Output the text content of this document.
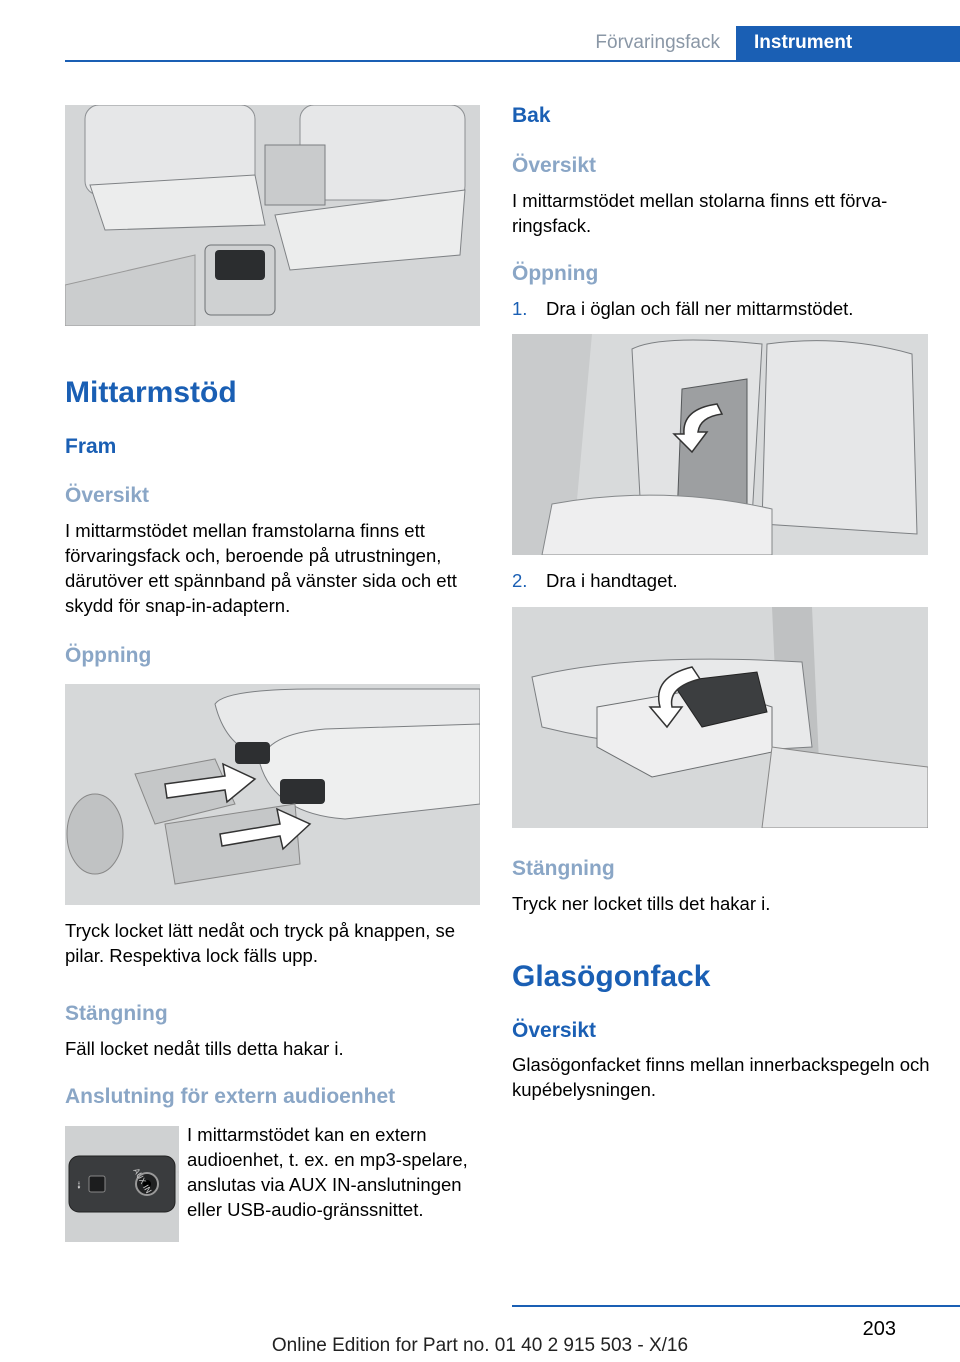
Förvaringsfack	Instrument
Mittarmstöd
Fram
Översikt
I mittarmstödet mellan framstolarna finns ett förvaringsfack och, beroende på utrustningen, därutöver ett spännband på vänster sida och ett skydd för snap-in-adaptern.
Öppning
Tryck locket lätt nedåt och tryck på knappen, se pilar. Respektiva lock fälls upp.
Stängning
Fäll locket nedåt tills detta hakar i.
Anslutning för extern audioenhet
⭭	AUX IN
I mittarmstödet kan en extern audioenhet, t. ex. en mp3-spelare, anslutas via AUX IN-anslutningen eller USB-audio-gränssnittet.
Bak
Översikt
I mittarmstödet mellan stolarna finns ett förvaringsfack.
Öppning
1. Dra i öglan och fäll ner mittarmstödet.
2. Dra i handtaget.
Stängning
Tryck ner locket tills det hakar i.
Glasögonfack
Översikt
Glasögonfacket finns mellan innerbackspegeln och kupébelysningen.
203
Online Edition for Part no. 01 40 2 915 503 - X/16
